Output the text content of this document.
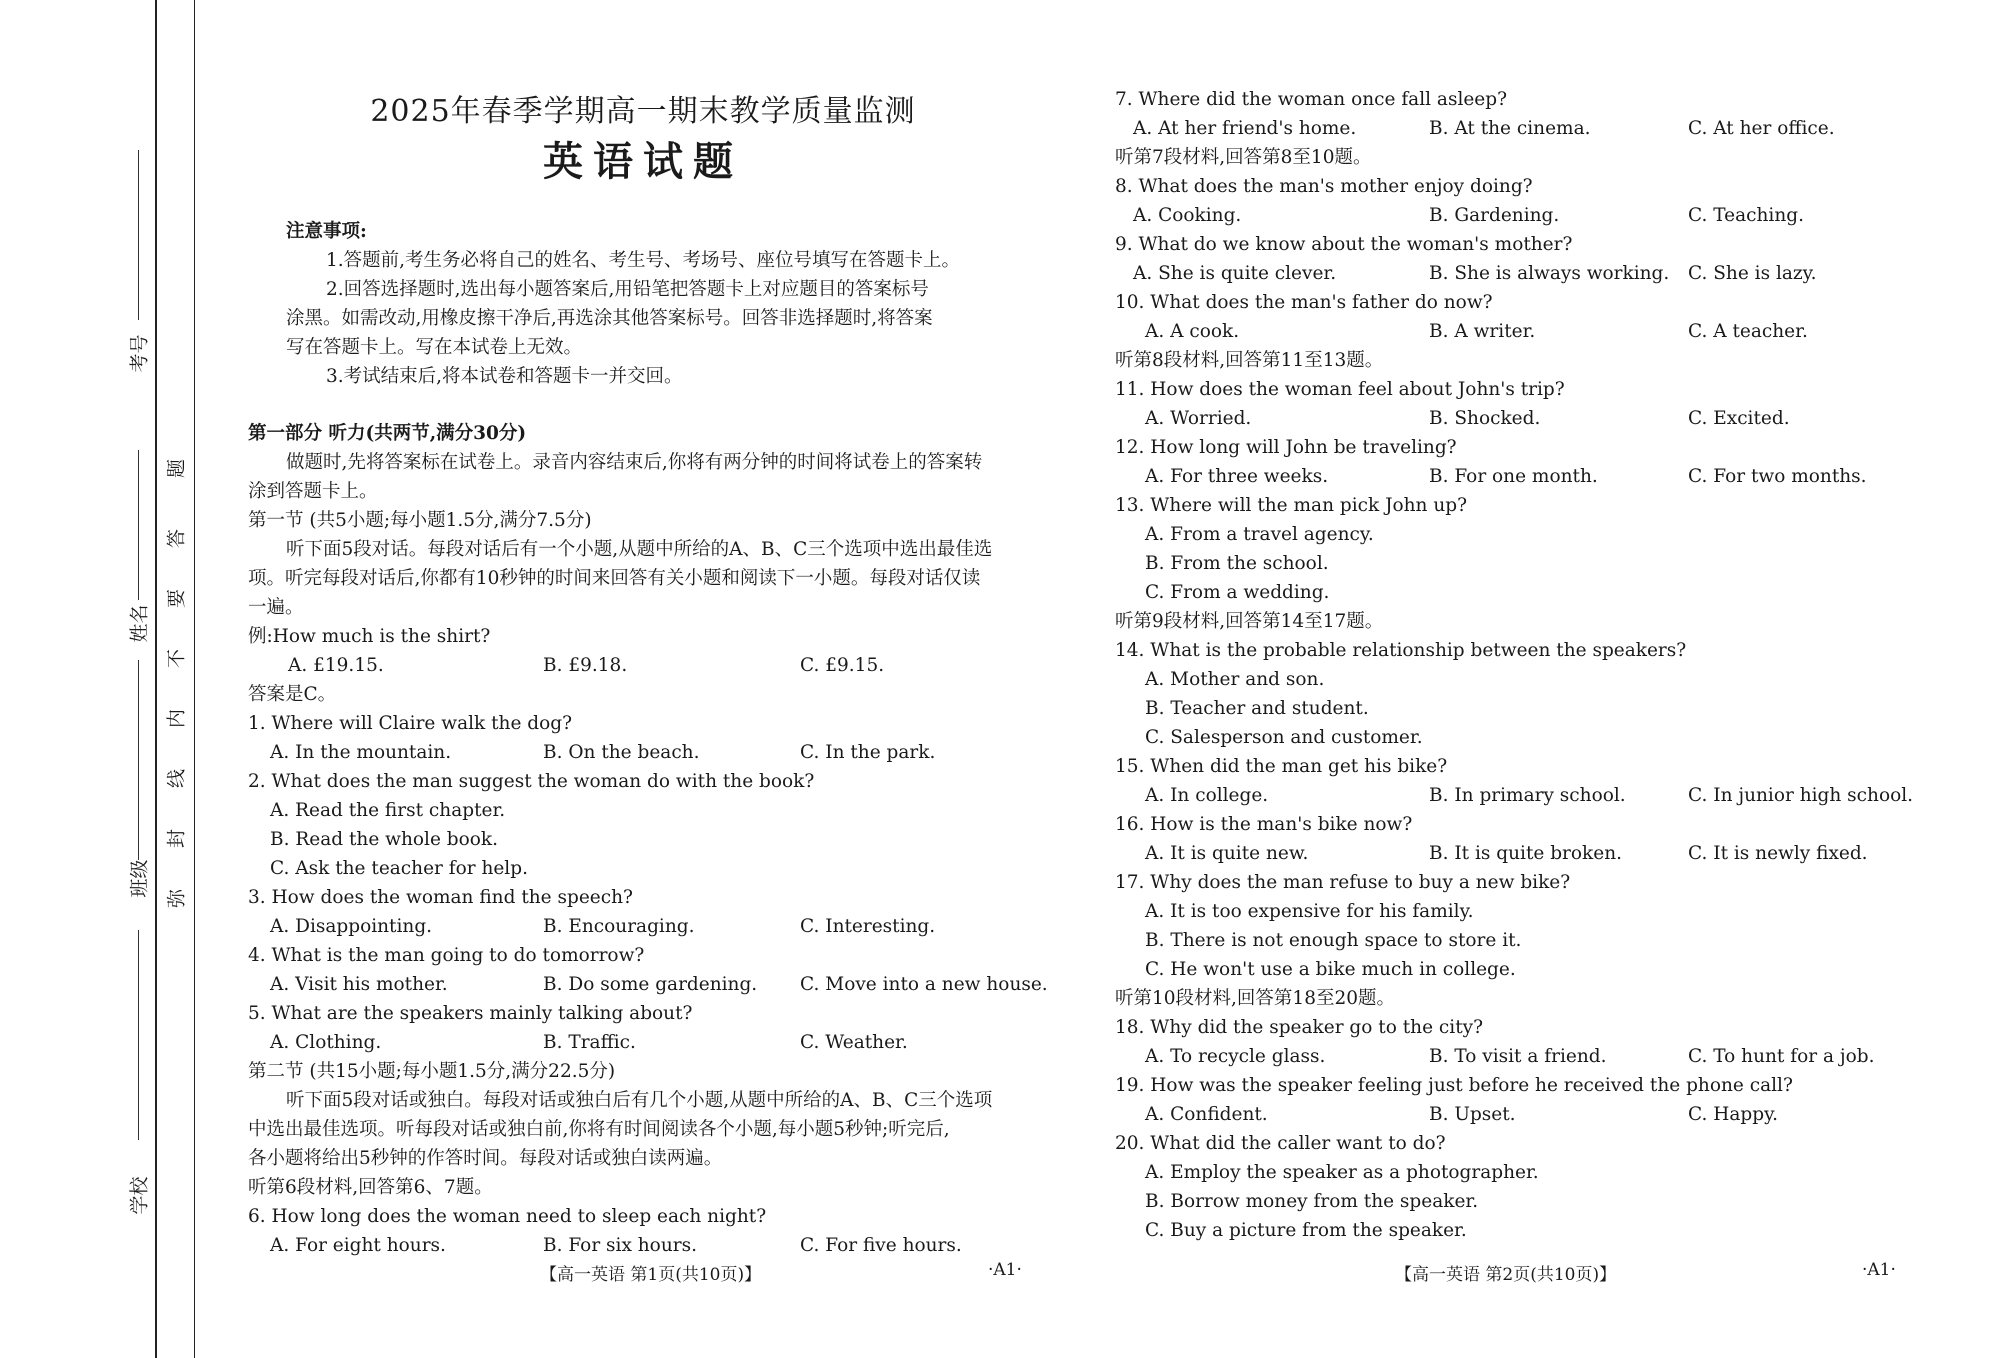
考号
姓名
班级
学校
题
答
要
不
内
线
封
弥
2025年春季学期高一期末教学质量监测
英语试题
注意事项:
1.答题前,考生务必将自己的姓名、考生号、考场号、座位号填写在答题卡上。
2.回答选择题时,选出每小题答案后,用铅笔把答题卡上对应题目的答案标号
涂黑。如需改动,用橡皮擦干净后,再选涂其他答案标号。回答非选择题时,将答案
写在答题卡上。写在本试卷上无效。
3.考试结束后,将本试卷和答题卡一并交回。
第一部分 听力(共两节,满分30分)
做题时,先将答案标在试卷上。录音内容结束后,你将有两分钟的时间将试卷上的答案转
涂到答题卡上。
第一节 (共5小题;每小题1.5分,满分7.5分)
听下面5段对话。每段对话后有一个小题,从题中所给的A、B、C三个选项中选出最佳选
项。听完每段对话后,你都有10秒钟的时间来回答有关小题和阅读下一小题。每段对话仅读
一遍。
例:How much is the shirt?
A. £19.15.	B. £9.18.	C. £9.15.
答案是C。
1. Where will Claire walk the dog?
A. In the mountain.	B. On the beach.	C. In the park.
2. What does the man suggest the woman do with the book?
A. Read the first chapter.
B. Read the whole book.
C. Ask the teacher for help.
3. How does the woman find the speech?
A. Disappointing.	B. Encouraging.	C. Interesting.
4. What is the man going to do tomorrow?
A. Visit his mother.	B. Do some gardening. C. Move into a new house.
5. What are the speakers mainly talking about?
A. Clothing.	B. Traffic.	C. Weather.
第二节 (共15小题;每小题1.5分,满分22.5分)
听下面5段对话或独白。每段对话或独白后有几个小题,从题中所给的A、B、C三个选项
中选出最佳选项。听每段对话或独白前,你将有时间阅读各个小题,每小题5秒钟;听完后,
各小题将给出5秒钟的作答时间。每段对话或独白读两遍。
听第6段材料,回答第6、7题。
6. How long does the woman need to sleep each night?
A. For eight hours.	B. For six hours.	C. For five hours.
7. Where did the woman once fall asleep?
A. At her friend's home.	B. At the cinema.	C. At her office.
听第7段材料,回答第8至10题。
8. What does the man's mother enjoy doing?
A. Cooking.	B. Gardening.	C. Teaching.
9. What do we know about the woman's mother?
A. She is quite clever.	B. She is always working. C. She is lazy.
10. What does the man's father do now?
A. A cook.	B. A writer.	C. A teacher.
听第8段材料,回答第11至13题。
11. How does the woman feel about John's trip?
A. Worried.	B. Shocked.	C. Excited.
12. How long will John be traveling?
A. For three weeks.	B. For one month.	C. For two months.
13. Where will the man pick John up?
A. From a travel agency.
B. From the school.
C. From a wedding.
听第9段材料,回答第14至17题。
14. What is the probable relationship between the speakers?
A. Mother and son.
B. Teacher and student.
C. Salesperson and customer.
15. When did the man get his bike?
A. In college.	B. In primary school.	C. In junior high school.
16. How is the man's bike now?
A. It is quite new.	B. It is quite broken.	C. It is newly fixed.
17. Why does the man refuse to buy a new bike?
A. It is too expensive for his family.
B. There is not enough space to store it.
C. He won't use a bike much in college.
听第10段材料,回答第18至20题。
18. Why did the speaker go to the city?
A. To recycle glass.	B. To visit a friend.	C. To hunt for a job.
19. How was the speaker feeling just before he received the phone call?
A. Confident.	B. Upset.	C. Happy.
20. What did the caller want to do?
A. Employ the speaker as a photographer.
B. Borrow money from the speaker.
C. Buy a picture from the speaker.
【高一英语 第1页(共10页)】	·A1·	【高一英语 第2页(共10页)】	·A1·
